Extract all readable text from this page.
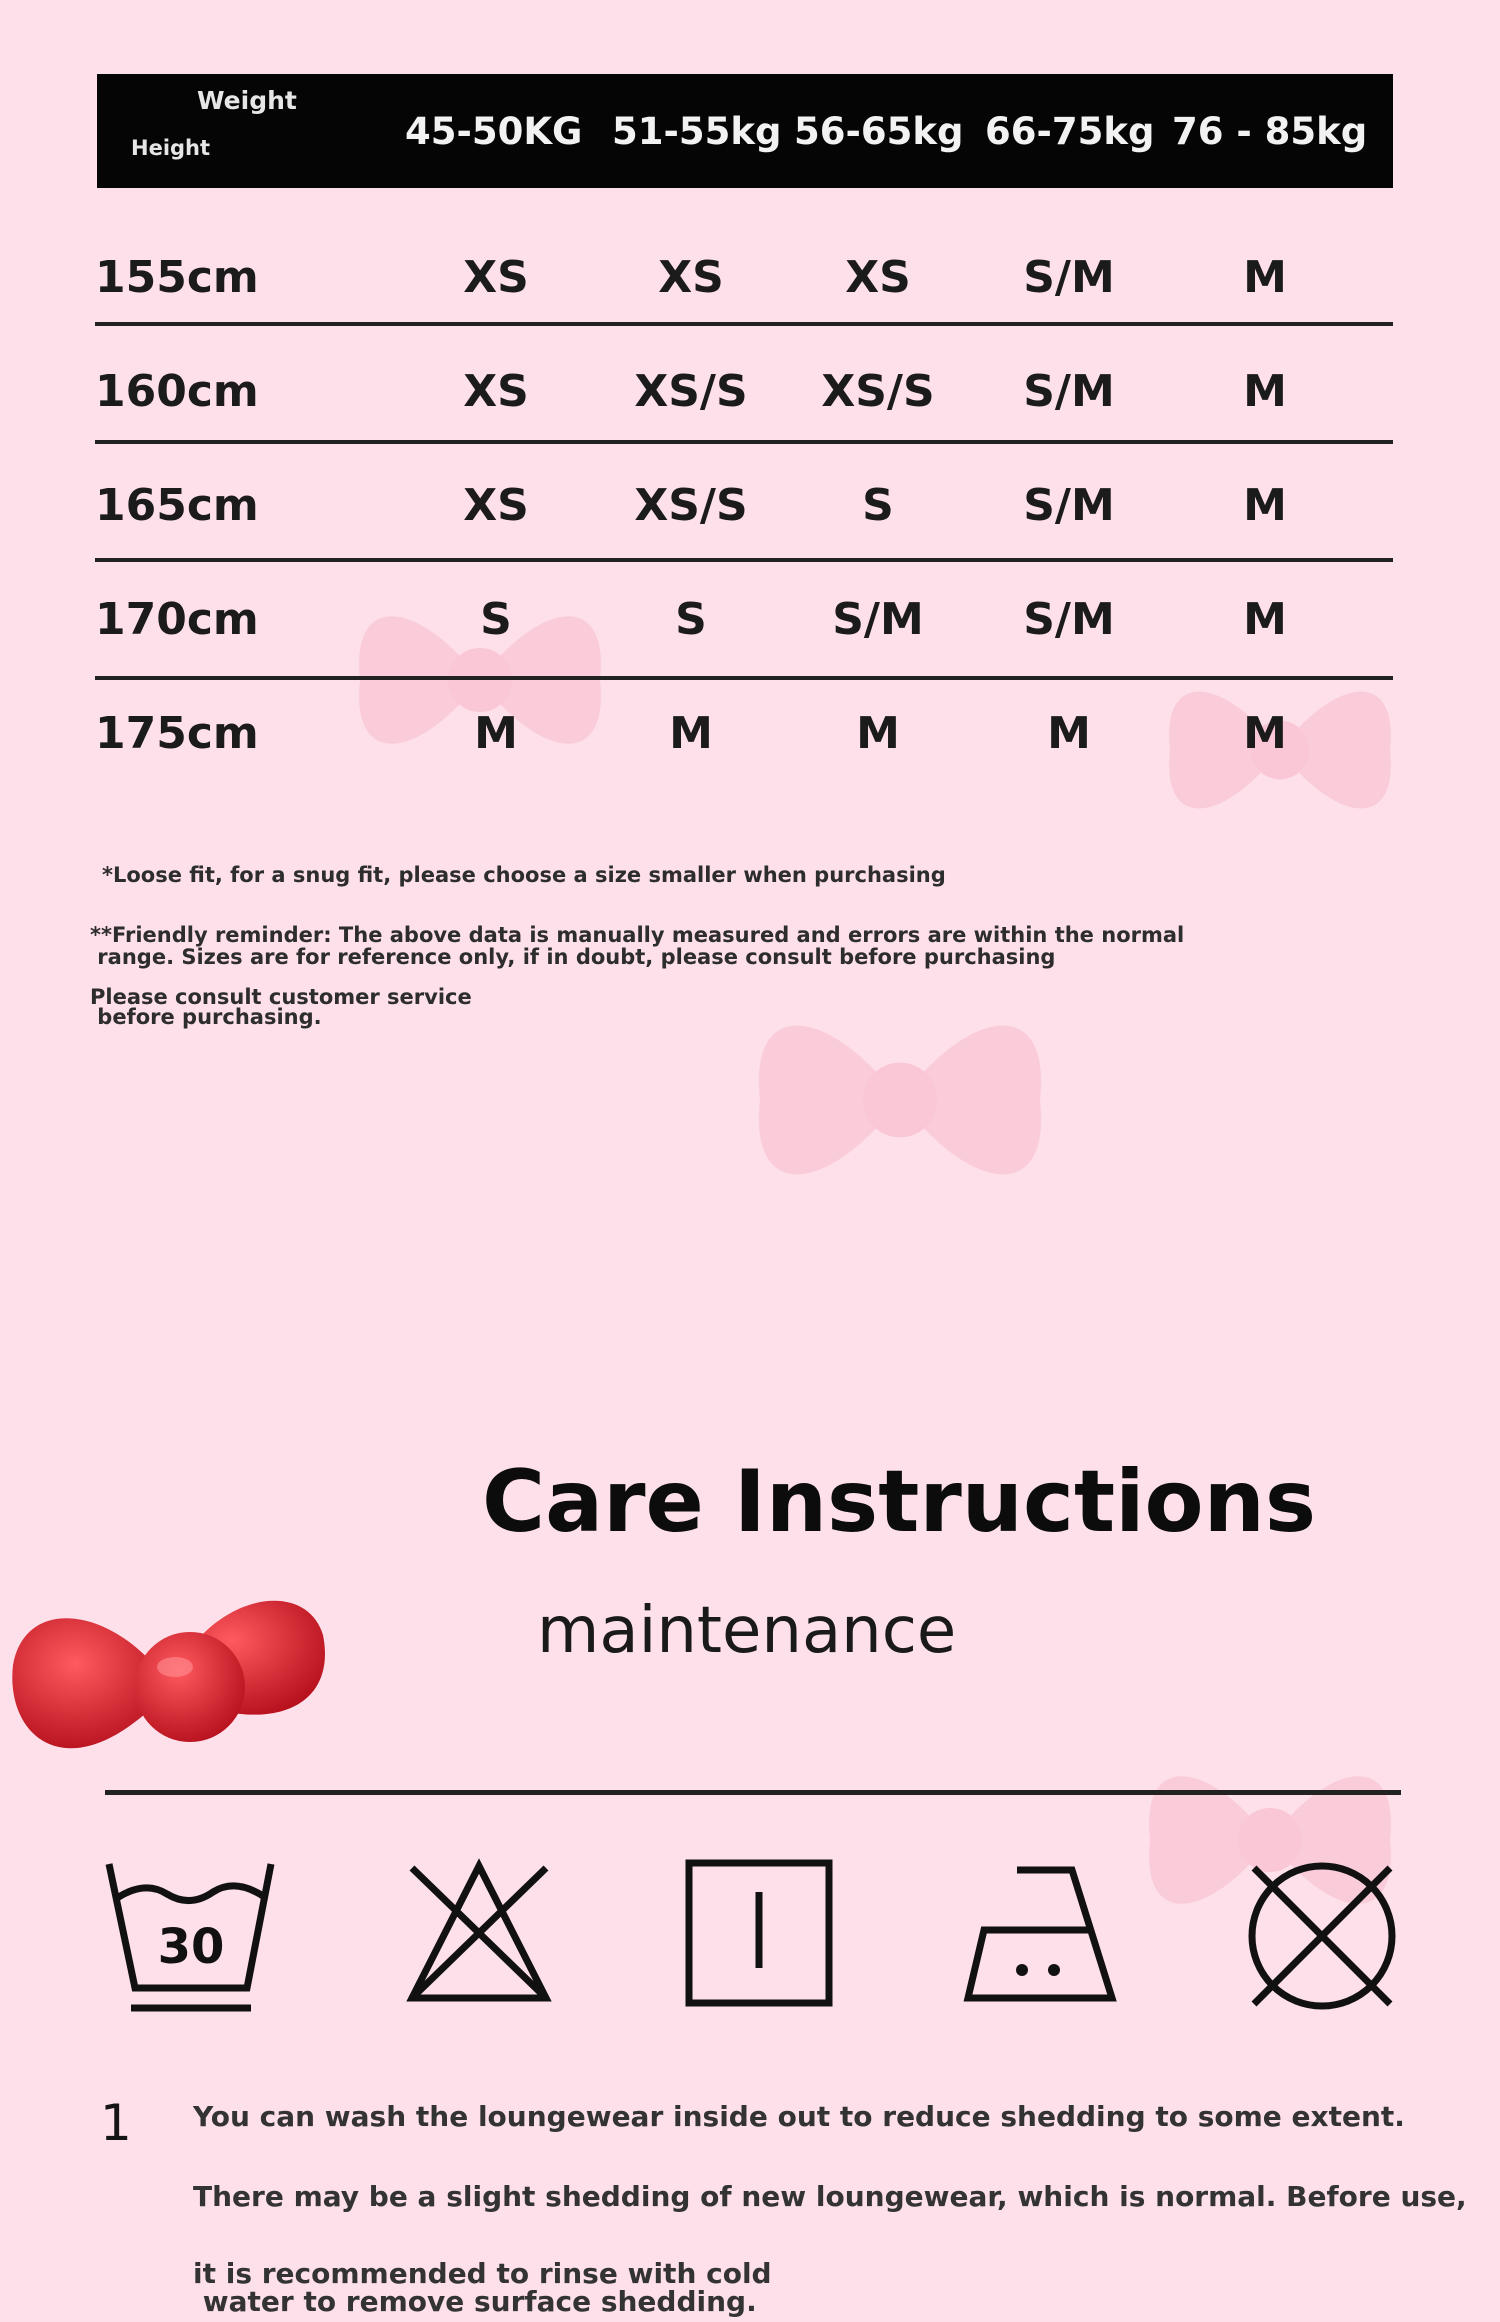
Weight
Height	45-50KG 51-55kg 56-65kg 66-75kg 76 - 85kg
155cm	XS	XS	XS	S/M	M
160cm	XS	XS/S	XS/S	S/M	M
165cm	XS	XS/S	S	S/M	M
170cm	S	S	S/M	S/M	M
175cm	M	M	M	M	M
*Loose fit, for a snug fit, please choose a size smaller when purchasing
**Friendly reminder: The above data is manually measured and errors are within the normal
range. Sizes are for reference only, if in doubt, please consult before purchasing
Please consult customer service
before purchasing.
Care Instructions
maintenance
30
1 You can wash the loungewear inside out to reduce shedding to some extent.
There may be a slight shedding of new loungewear, which is normal. Before use,
it is recommended to rinse with cold
water to remove surface shedding.
